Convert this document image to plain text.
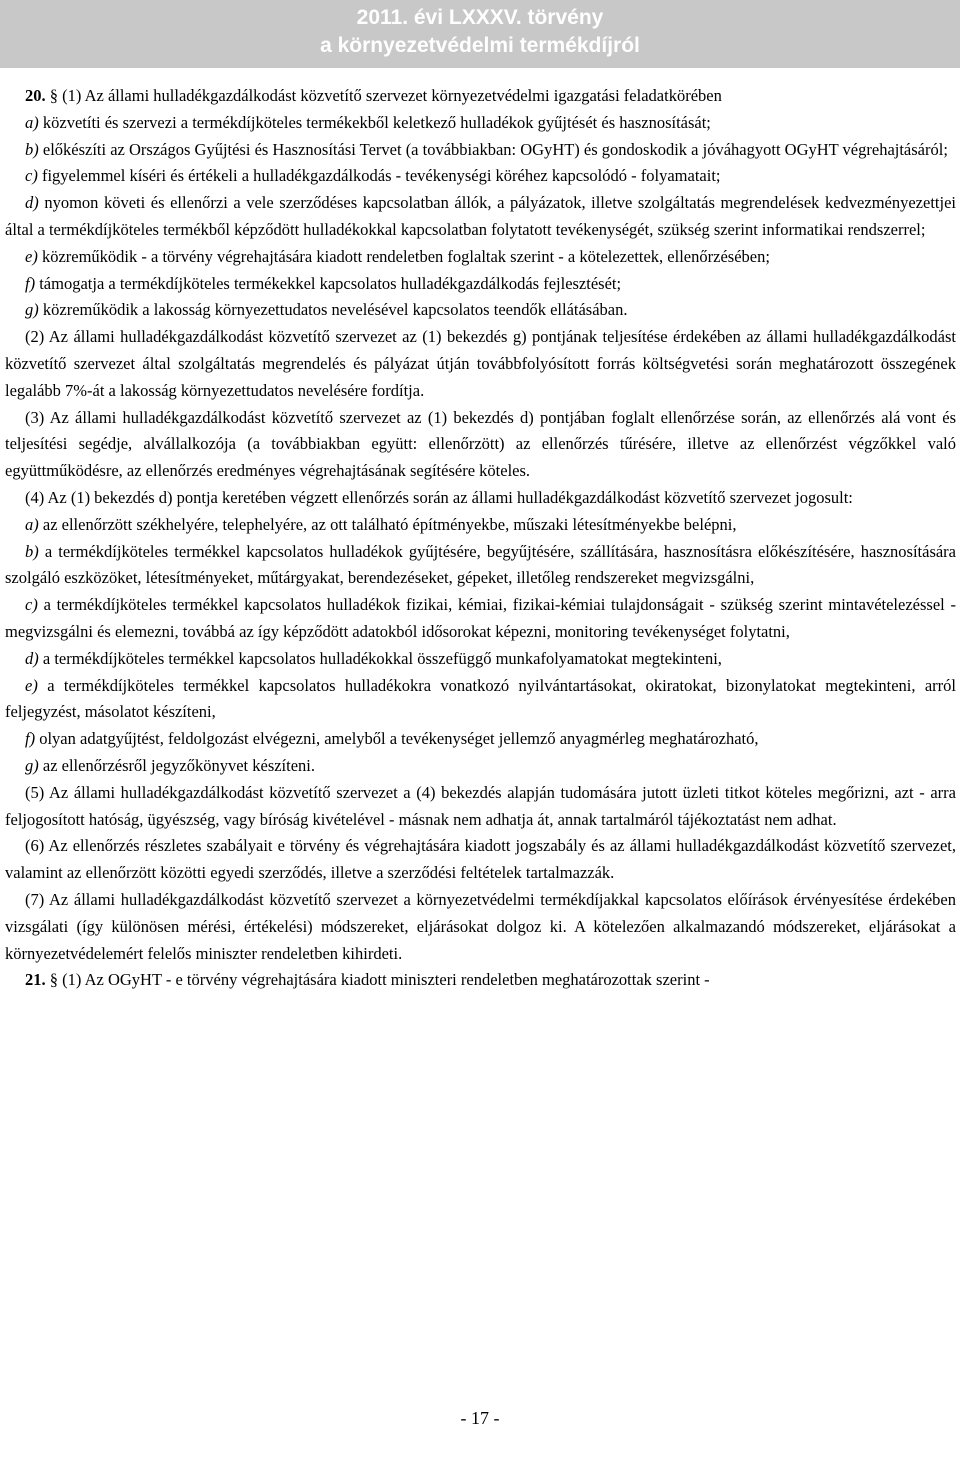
2011. évi LXXXV. törvény
a környezetvédelmi termékdíjról

20. § (1) Az állami hulladékgazdálkodást közvetítő szervezet környezetvédelmi igazgatási feladatkörében

a) közvetíti és szervezi a termékdíjköteles termékekből keletkező hulladékok gyűjtését és hasznosítását;

b) előkészíti az Országos Gyűjtési és Hasznosítási Tervet (a továbbiakban: OGyHT) és gondoskodik a jóváhagyott OGyHT végrehajtásáról;

c) figyelemmel kíséri és értékeli a hulladékgazdálkodás - tevékenységi köréhez kapcsolódó - folyamatait;

d) nyomon követi és ellenőrzi a vele szerződéses kapcsolatban állók, a pályázatok, illetve szolgáltatás megrendelések kedvezményezettjei által a termékdíjköteles termékből képződött hulladékokkal kapcsolatban folytatott tevékenységét, szükség szerint informatikai rendszerrel;

e) közreműködik - a törvény végrehajtására kiadott rendeletben foglaltak szerint - a kötelezettek, ellenőrzésében;

f) támogatja a termékdíjköteles termékekkel kapcsolatos hulladékgazdálkodás fejlesztését;

g) közreműködik a lakosság környezettudatos nevelésével kapcsolatos teendők ellátásában.

(2) Az állami hulladékgazdálkodást közvetítő szervezet az (1) bekezdés g) pontjának teljesítése érdekében az állami hulladékgazdálkodást közvetítő szervezet által szolgáltatás megrendelés és pályázat útján továbbfolyósított forrás költségvetési során meghatározott összegének legalább 7%-át a lakosság környezettudatos nevelésére fordítja.

(3) Az állami hulladékgazdálkodást közvetítő szervezet az (1) bekezdés d) pontjában foglalt ellenőrzése során, az ellenőrzés alá vont és teljesítési segédje, alvállalkozója (a továbbiakban együtt: ellenőrzött) az ellenőrzés tűrésére, illetve az ellenőrzést végzőkkel való együttműködésre, az ellenőrzés eredményes végrehajtásának segítésére köteles.

(4) Az (1) bekezdés d) pontja keretében végzett ellenőrzés során az állami hulladékgazdálkodást közvetítő szervezet jogosult:

a) az ellenőrzött székhelyére, telephelyére, az ott található építményekbe, műszaki létesítményekbe belépni,

b) a termékdíjköteles termékkel kapcsolatos hulladékok gyűjtésére, begyűjtésére, szállítására, hasznosításra előkészítésére, hasznosítására szolgáló eszközöket, létesítményeket, műtárgyakat, berendezéseket, gépeket, illetőleg rendszereket megvizsgálni,

c) a termékdíjköteles termékkel kapcsolatos hulladékok fizikai, kémiai, fizikai-kémiai tulajdonságait - szükség szerint mintavételezéssel - megvizsgálni és elemezni, továbbá az így képződött adatokból idősorokat képezni, monitoring tevékenységet folytatni,

d) a termékdíjköteles termékkel kapcsolatos hulladékokkal összefüggő munkafolyamatokat megtekinteni,

e) a termékdíjköteles termékkel kapcsolatos hulladékokra vonatkozó nyilvántartásokat, okiratokat, bizonylatokat megtekinteni, arról feljegyzést, másolatot készíteni,

f) olyan adatgyűjtést, feldolgozást elvégezni, amelyből a tevékenységet jellemző anyagmérleg meghatározható,

g) az ellenőrzésről jegyzőkönyvet készíteni.

(5) Az állami hulladékgazdálkodást közvetítő szervezet a (4) bekezdés alapján tudomására jutott üzleti titkot köteles megőrizni, azt - arra feljogosított hatóság, ügyészség, vagy bíróság kivételével - másnak nem adhatja át, annak tartalmáról tájékoztatást nem adhat.

(6) Az ellenőrzés részletes szabályait e törvény és végrehajtására kiadott jogszabály és az állami hulladékgazdálkodást közvetítő szervezet, valamint az ellenőrzött közötti egyedi szerződés, illetve a szerződési feltételek tartalmazzák.

(7) Az állami hulladékgazdálkodást közvetítő szervezet a környezetvédelmi termékdíjakkal kapcsolatos előírások érvényesítése érdekében vizsgálati (így különösen mérési, értékelési) módszereket, eljárásokat dolgoz ki. A kötelezően alkalmazandó módszereket, eljárásokat a környezetvédelemért felelős miniszter rendeletben kihirdeti.

21. § (1) Az OGyHT - e törvény végrehajtására kiadott miniszteri rendeletben meghatározottak szerint -

- 17 -
